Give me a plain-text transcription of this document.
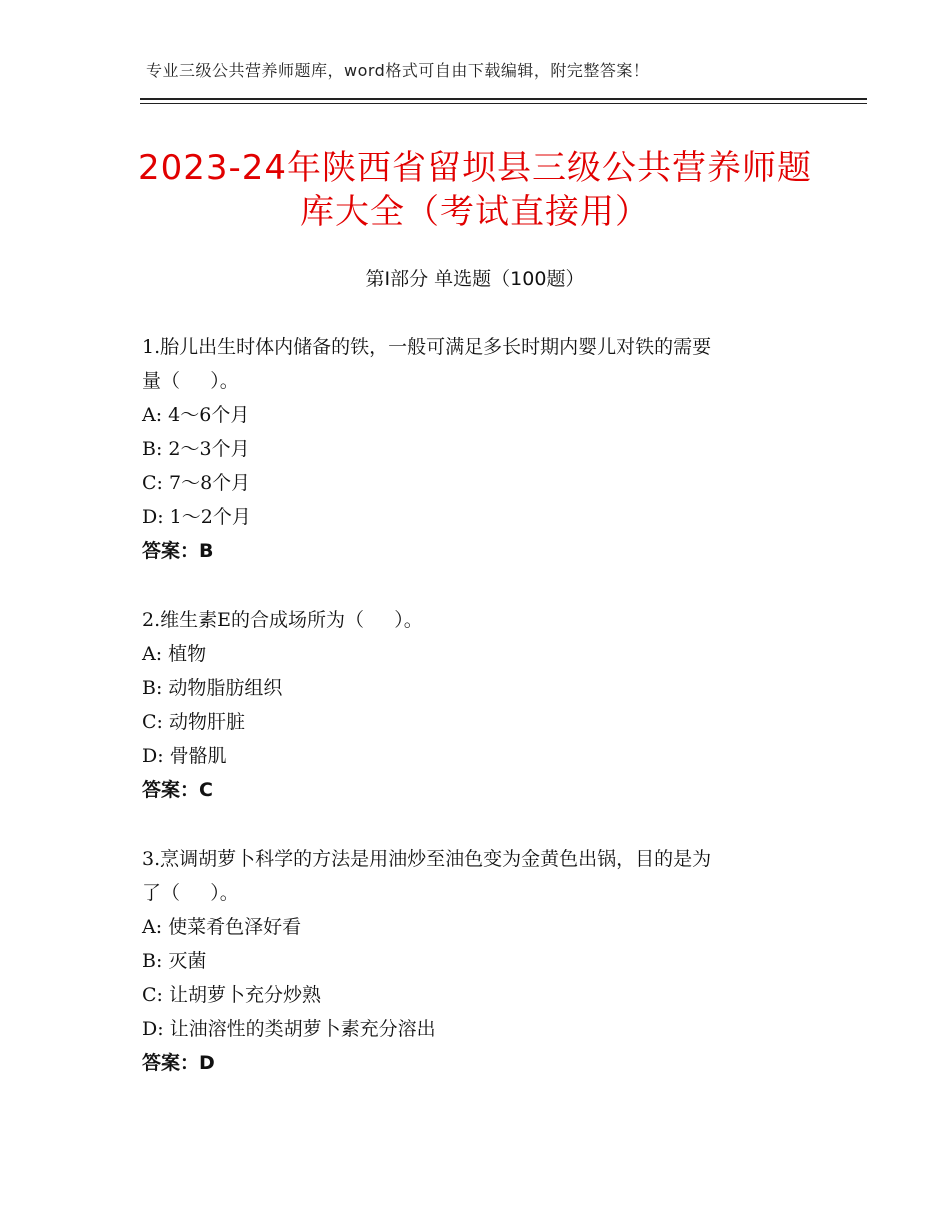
专业三级公共营养师题库，word格式可自由下载编辑，附完整答案！
2023-24年陕西省留坝县三级公共营养师题
库大全（考试直接用）
第Ⅰ部分 单选题（100题）
1.胎儿出生时体内储备的铁，一般可满足多长时期内婴儿对铁的需要
量（     ）。
A: 4～6个月
B: 2～3个月
C: 7～8个月
D: 1～2个月
答案：B
2.维生素E的合成场所为（     ）。
A: 植物
B: 动物脂肪组织
C: 动物肝脏
D: 骨骼肌
答案：C
3.烹调胡萝卜科学的方法是用油炒至油色变为金黄色出锅，目的是为
了（     ）。
A: 使菜肴色泽好看
B: 灭菌
C: 让胡萝卜充分炒熟
D: 让油溶性的类胡萝卜素充分溶出
答案：D
